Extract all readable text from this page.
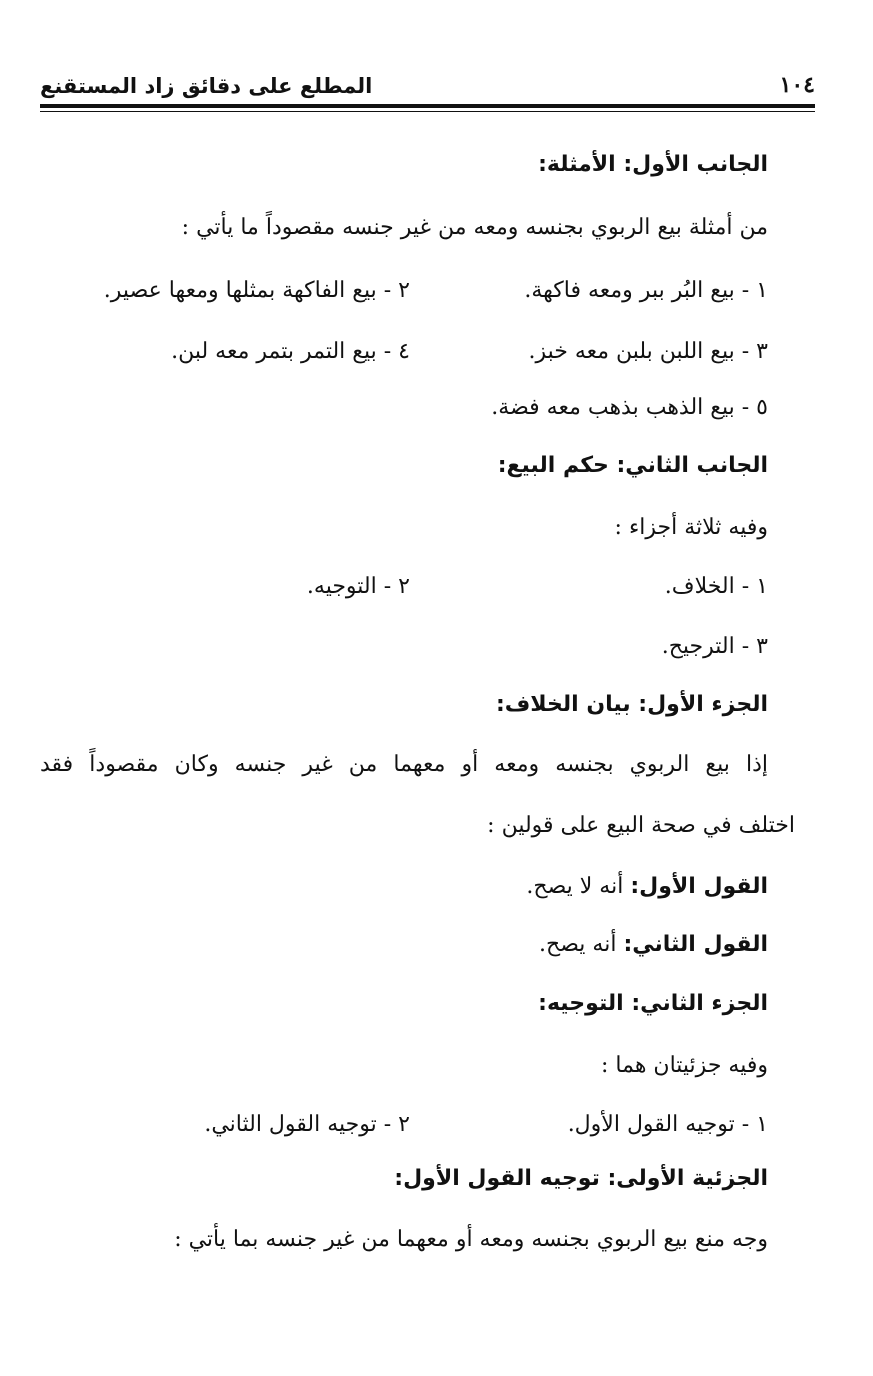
١٠٤
المطلع على دقائق زاد المستقنع
الجانب الأول: الأمثلة:
من أمثلة بيع الربوي بجنسه ومعه من غير جنسه مقصوداً ما يأتي :
١ - بيع البُر ببر ومعه فاكهة.
٢ - بيع الفاكهة بمثلها ومعها عصير.
٣ - بيع اللبن بلبن معه خبز.
٤ - بيع التمر بتمر معه لبن.
٥ - بيع الذهب بذهب معه فضة.
الجانب الثاني: حكم البيع:
وفيه ثلاثة أجزاء :
١ - الخلاف.
٢ - التوجيه.
٣ - الترجيح.
الجزء الأول: بيان الخلاف:
إذا بيع الربوي بجنسه ومعه أو معهما من غير جنسه وكان مقصوداً فقد
اختلف في صحة البيع على قولين :
القول الأول: أنه لا يصح.
القول الثاني: أنه يصح.
الجزء الثاني: التوجيه:
وفيه جزئيتان هما :
١ - توجيه القول الأول.
٢ - توجيه القول الثاني.
الجزئية الأولى: توجيه القول الأول:
وجه منع بيع الربوي بجنسه ومعه أو معهما من غير جنسه بما يأتي :
